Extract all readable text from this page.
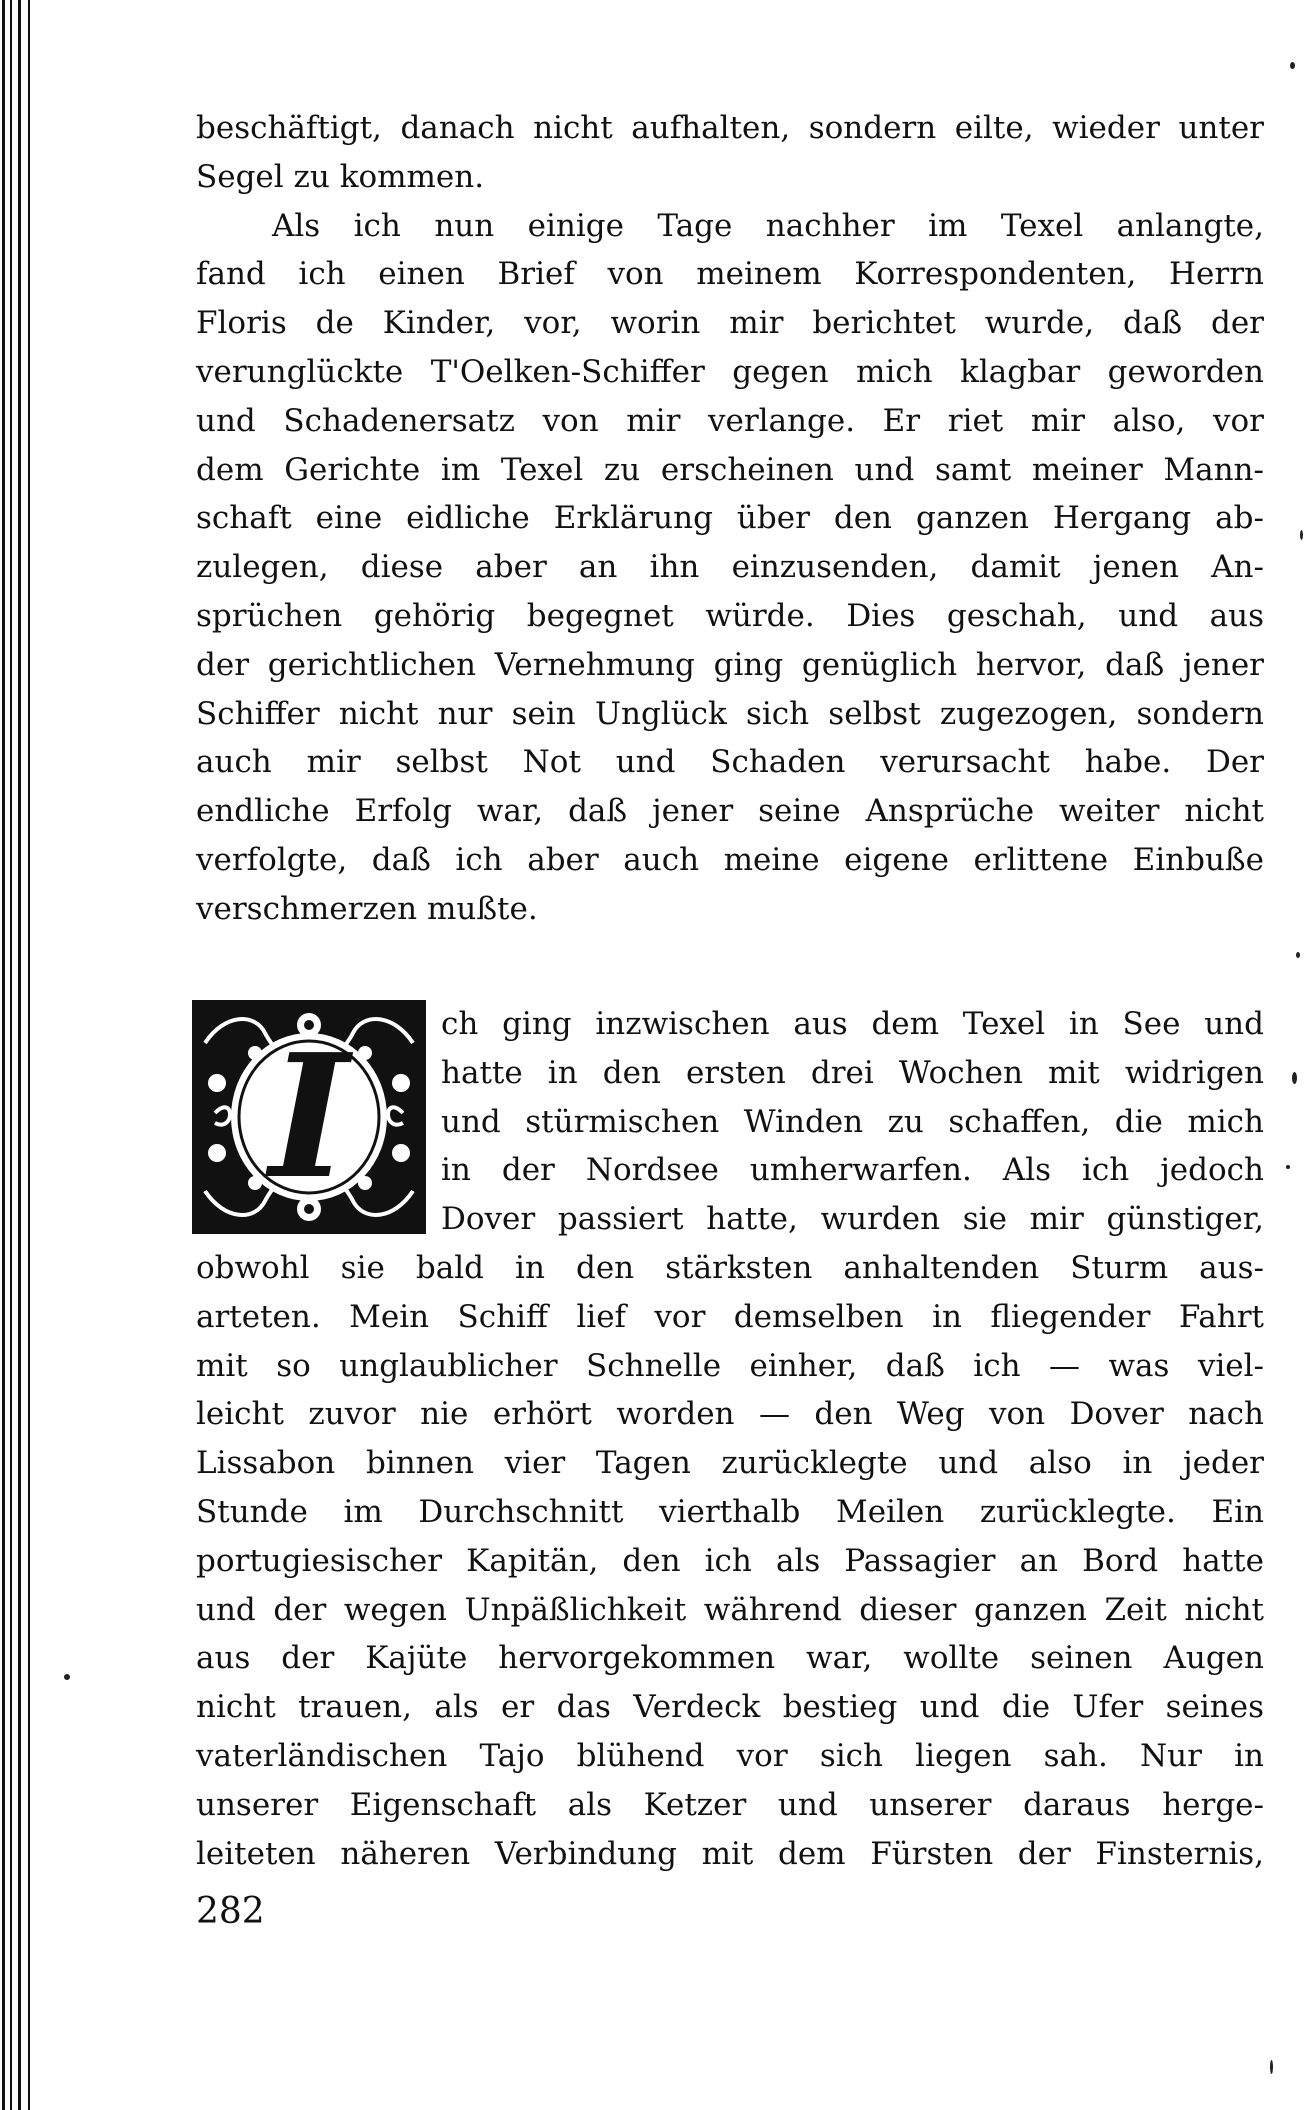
beschäftigt, danach nicht aufhalten, sondern eilte, wieder unter
Segel zu kommen.
Als ich nun einige Tage nachher im Texel anlangte,
fand ich einen Brief von meinem Korrespondenten, Herrn
Floris de Kinder, vor, worin mir berichtet wurde, daß der
verunglückte T'Oelken-Schiffer gegen mich klagbar geworden
und Schadenersatz von mir verlange. Er riet mir also, vor
dem Gerichte im Texel zu erscheinen und samt meiner Mann-
schaft eine eidliche Erklärung über den ganzen Hergang ab-
zulegen, diese aber an ihn einzusenden, damit jenen An-
sprüchen gehörig begegnet würde. Dies geschah, und aus
der gerichtlichen Vernehmung ging genüglich hervor, daß jener
Schiffer nicht nur sein Unglück sich selbst zugezogen, sondern
auch mir selbst Not und Schaden verursacht habe. Der
endliche Erfolg war, daß jener seine Ansprüche weiter nicht
verfolgte, daß ich aber auch meine eigene erlittene Einbuße
verschmerzen mußte.
I	ch ging inzwischen aus dem Texel in See und
hatte in den ersten drei Wochen mit widrigen
und stürmischen Winden zu schaffen, die mich
in der Nordsee umherwarfen. Als ich jedoch
Dover passiert hatte, wurden sie mir günstiger,
obwohl sie bald in den stärksten anhaltenden Sturm aus-
arteten. Mein Schiff lief vor demselben in fliegender Fahrt
mit so unglaublicher Schnelle einher, daß ich — was viel-
leicht zuvor nie erhört worden — den Weg von Dover nach
Lissabon binnen vier Tagen zurücklegte und also in jeder
Stunde im Durchschnitt vierthalb Meilen zurücklegte. Ein
portugiesischer Kapitän, den ich als Passagier an Bord hatte
und der wegen Unpäßlichkeit während dieser ganzen Zeit nicht
aus der Kajüte hervorgekommen war, wollte seinen Augen
nicht trauen, als er das Verdeck bestieg und die Ufer seines
vaterländischen Tajo blühend vor sich liegen sah. Nur in
unserer Eigenschaft als Ketzer und unserer daraus herge-
leiteten näheren Verbindung mit dem Fürsten der Finsternis,
282
